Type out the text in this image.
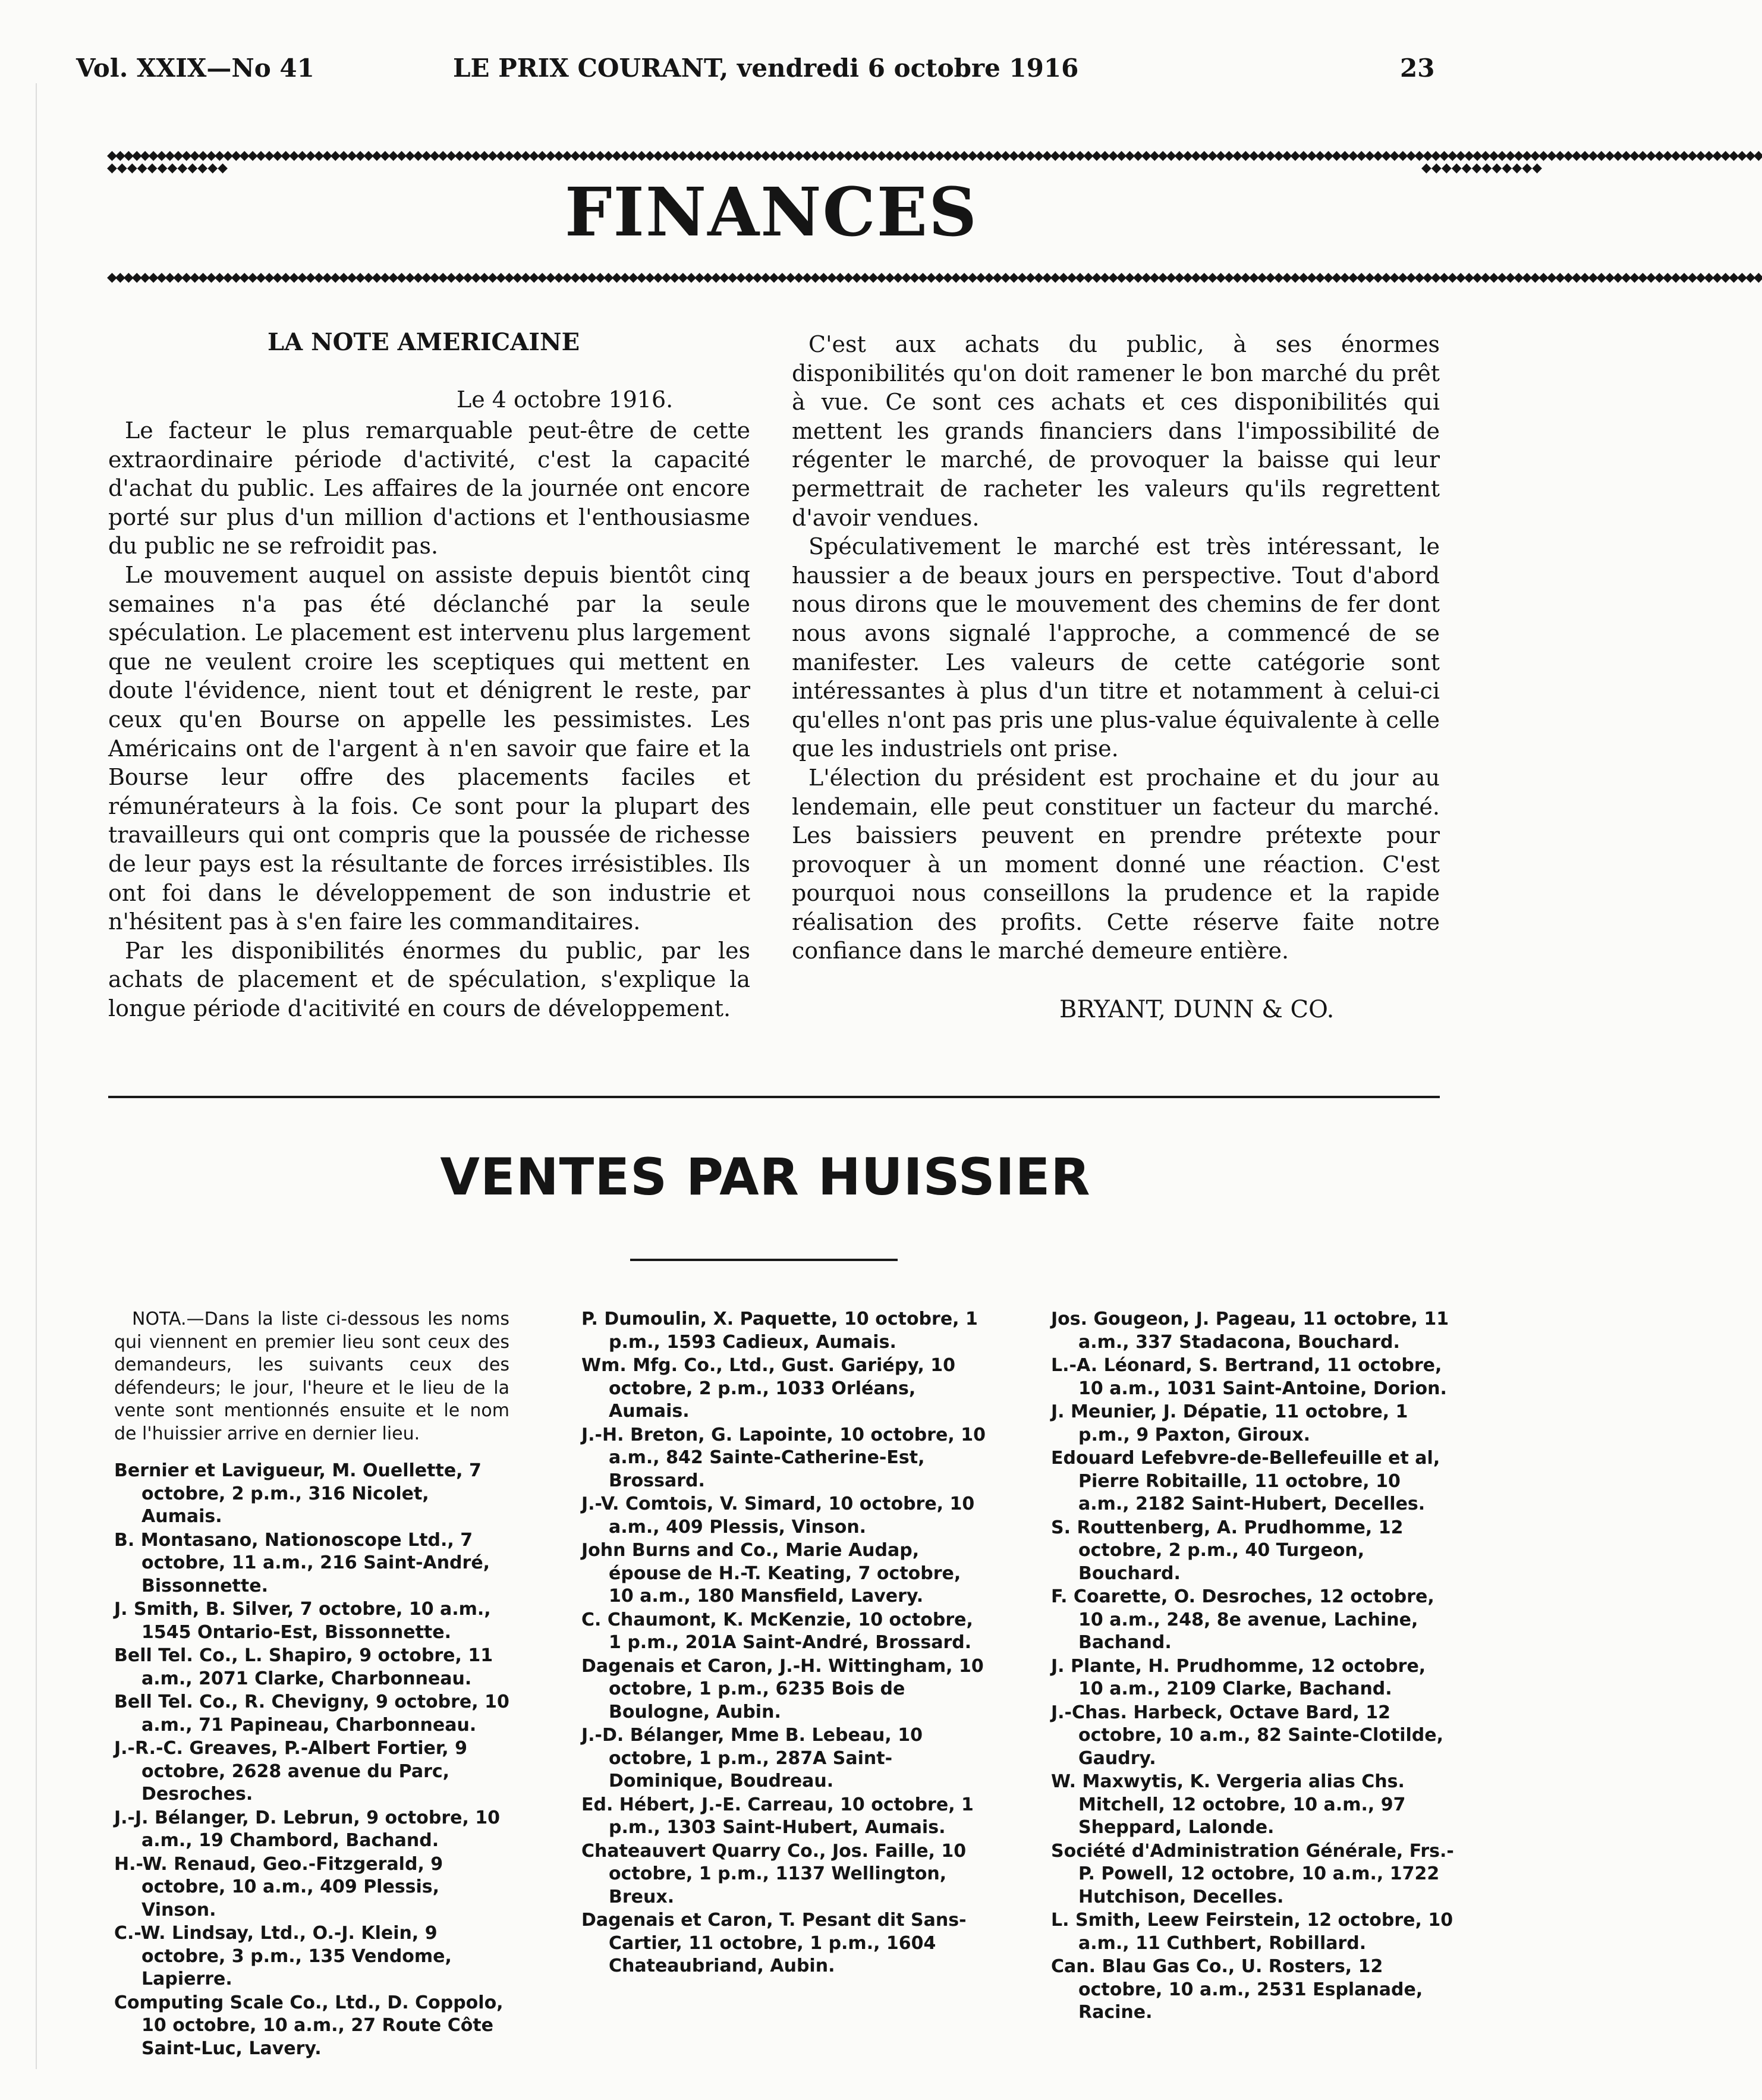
Vol. XXIX—No 41	LE PRIX COURANT, vendredi 6 octobre 1916	23
◆◆◆◆◆◆◆◆◆◆◆◆◆◆◆◆◆◆◆◆◆◆◆◆◆◆◆◆◆◆◆◆◆◆◆◆◆◆◆◆◆◆◆◆◆◆◆◆◆◆◆◆◆◆◆◆◆◆◆◆◆◆◆◆◆◆◆◆◆◆◆◆◆◆◆◆◆◆◆◆◆◆◆◆◆◆◆◆◆◆◆◆◆◆◆◆◆◆◆◆◆◆◆◆◆◆◆◆◆◆◆◆◆◆◆◆◆◆◆◆◆◆◆◆◆◆◆◆◆◆◆◆◆◆◆◆◆◆◆◆◆◆◆◆◆◆◆◆◆◆◆◆◆◆◆◆◆◆◆◆◆◆◆◆◆◆◆◆◆◆◆◆◆◆◆◆◆◆◆◆◆◆◆◆◆◆◆◆◆◆◆◆◆◆◆◆◆◆◆◆
◆◆◆◆◆◆◆◆◆◆◆◆
FINANCES
◆◆◆◆◆◆◆◆◆◆◆◆
◆◆◆◆◆◆◆◆◆◆◆◆◆◆◆◆◆◆◆◆◆◆◆◆◆◆◆◆◆◆◆◆◆◆◆◆◆◆◆◆◆◆◆◆◆◆◆◆◆◆◆◆◆◆◆◆◆◆◆◆◆◆◆◆◆◆◆◆◆◆◆◆◆◆◆◆◆◆◆◆◆◆◆◆◆◆◆◆◆◆◆◆◆◆◆◆◆◆◆◆◆◆◆◆◆◆◆◆◆◆◆◆◆◆◆◆◆◆◆◆◆◆◆◆◆◆◆◆◆◆◆◆◆◆◆◆◆◆◆◆◆◆◆◆◆◆◆◆◆◆◆◆◆◆◆◆◆◆◆◆◆◆◆◆◆◆◆◆◆◆◆◆◆◆◆◆◆◆◆◆◆◆◆◆◆◆◆◆◆◆◆◆◆◆◆◆◆◆◆◆
LA NOTE AMERICAINE
Le 4 octobre 1916.

Le facteur le plus remarquable peut-être de cette extraordinaire période d'activité, c'est la capacité d'achat du public. Les affaires de la journée ont encore porté sur plus d'un million d'actions et l'enthousiasme du public ne se refroidit pas.

Le mouvement auquel on assiste depuis bientôt cinq semaines n'a pas été déclanché par la seule spéculation. Le placement est intervenu plus largement que ne veulent croire les sceptiques qui mettent en doute l'évidence, nient tout et dénigrent le reste, par ceux qu'en Bourse on appelle les pessimistes. Les Américains ont de l'argent à n'en savoir que faire et la Bourse leur offre des placements faciles et rémunérateurs à la fois. Ce sont pour la plupart des travailleurs qui ont compris que la poussée de richesse de leur pays est la résultante de forces irrésistibles. Ils ont foi dans le développement de son industrie et n'hésitent pas à s'en faire les commanditaires.

Par les disponibilités énormes du public, par les achats de placement et de spéculation, s'explique la longue période d'acitivité en cours de développement.

C'est aux achats du public, à ses énormes disponibilités qu'on doit ramener le bon marché du prêt à vue. Ce sont ces achats et ces disponibilités qui mettent les grands financiers dans l'impossibilité de régenter le marché, de provoquer la baisse qui leur permettrait de racheter les valeurs qu'ils regrettent d'avoir vendues.

Spéculativement le marché est très intéressant, le haussier a de beaux jours en perspective. Tout d'abord nous dirons que le mouvement des chemins de fer dont nous avons signalé l'approche, a commencé de se manifester. Les valeurs de cette catégorie sont intéressantes à plus d'un titre et notamment à celui-ci qu'elles n'ont pas pris une plus-value équivalente à celle que les industriels ont prise.

L'élection du président est prochaine et du jour au lendemain, elle peut constituer un facteur du marché. Les baissiers peuvent en prendre prétexte pour provoquer à un moment donné une réaction. C'est pourquoi nous conseillons la prudence et la rapide réalisation des profits. Cette réserve faite notre confiance dans le marché demeure entière.

BRYANT, DUNN & CO.
VENTES PAR HUISSIER

NOTA.—Dans la liste ci-dessous les noms qui viennent en premier lieu sont ceux des demandeurs, les suivants ceux des défendeurs; le jour, l'heure et le lieu de la vente sont mentionnés ensuite et le nom de l'huissier arrive en dernier lieu.

Bernier et Lavigueur, M. Ouellette, 7 octobre, 2 p.m., 316 Nicolet, Aumais.
B. Montasano, Nationoscope Ltd., 7 octobre, 11 a.m., 216 Saint-André, Bissonnette.
J. Smith, B. Silver, 7 octobre, 10 a.m., 1545 Ontario-Est, Bissonnette.
Bell Tel. Co., L. Shapiro, 9 octobre, 11 a.m., 2071 Clarke, Charbonneau.
Bell Tel. Co., R. Chevigny, 9 octobre, 10 a.m., 71 Papineau, Charbonneau.
J.-R.-C. Greaves, P.-Albert Fortier, 9 octobre, 2628 avenue du Parc, Desroches.
J.-J. Bélanger, D. Lebrun, 9 octobre, 10 a.m., 19 Chambord, Bachand.
H.-W. Renaud, Geo.-Fitzgerald, 9 octobre, 10 a.m., 409 Plessis, Vinson.
C.-W. Lindsay, Ltd., O.-J. Klein, 9 octobre, 3 p.m., 135 Vendome, Lapierre.
Computing Scale Co., Ltd., D. Coppolo, 10 octobre, 10 a.m., 27 Route Côte Saint-Luc, Lavery.
P. Dumoulin, X. Paquette, 10 octobre, 1 p.m., 1593 Cadieux, Aumais.
Wm. Mfg. Co., Ltd., Gust. Gariépy, 10 octobre, 2 p.m., 1033 Orléans, Aumais.
J.-H. Breton, G. Lapointe, 10 octobre, 10 a.m., 842 Sainte-Catherine-Est, Brossard.
J.-V. Comtois, V. Simard, 10 octobre, 10 a.m., 409 Plessis, Vinson.
John Burns and Co., Marie Audap, épouse de H.-T. Keating, 7 octobre, 10 a.m., 180 Mansfield, Lavery.
C. Chaumont, K. McKenzie, 10 octobre, 1 p.m., 201A Saint-André, Brossard.
Dagenais et Caron, J.-H. Wittingham, 10 octobre, 1 p.m., 6235 Bois de Boulogne, Aubin.
J.-D. Bélanger, Mme B. Lebeau, 10 octobre, 1 p.m., 287A Saint-Dominique, Boudreau.
Ed. Hébert, J.-E. Carreau, 10 octobre, 1 p.m., 1303 Saint-Hubert, Aumais.
Chateauvert Quarry Co., Jos. Faille, 10 octobre, 1 p.m., 1137 Wellington, Breux.
Dagenais et Caron, T. Pesant dit Sans-Cartier, 11 octobre, 1 p.m., 1604 Chateaubriand, Aubin.
Jos. Gougeon, J. Pageau, 11 octobre, 11 a.m., 337 Stadacona, Bouchard.
L.-A. Léonard, S. Bertrand, 11 octobre, 10 a.m., 1031 Saint-Antoine, Dorion.
J. Meunier, J. Dépatie, 11 octobre, 1 p.m., 9 Paxton, Giroux.
Edouard Lefebvre-de-Bellefeuille et al, Pierre Robitaille, 11 octobre, 10 a.m., 2182 Saint-Hubert, Decelles.
S. Routtenberg, A. Prudhomme, 12 octobre, 2 p.m., 40 Turgeon, Bouchard.
F. Coarette, O. Desroches, 12 octobre, 10 a.m., 248, 8e avenue, Lachine, Bachand.
J. Plante, H. Prudhomme, 12 octobre, 10 a.m., 2109 Clarke, Bachand.
J.-Chas. Harbeck, Octave Bard, 12 octobre, 10 a.m., 82 Sainte-Clotilde, Gaudry.
W. Maxwytis, K. Vergeria alias Chs. Mitchell, 12 octobre, 10 a.m., 97 Sheppard, Lalonde.
Société d'Administration Générale, Frs.-P. Powell, 12 octobre, 10 a.m., 1722 Hutchison, Decelles.
L. Smith, Leew Feirstein, 12 octobre, 10 a.m., 11 Cuthbert, Robillard.
Can. Blau Gas Co., U. Rosters, 12 octobre, 10 a.m., 2531 Esplanade, Racine.
